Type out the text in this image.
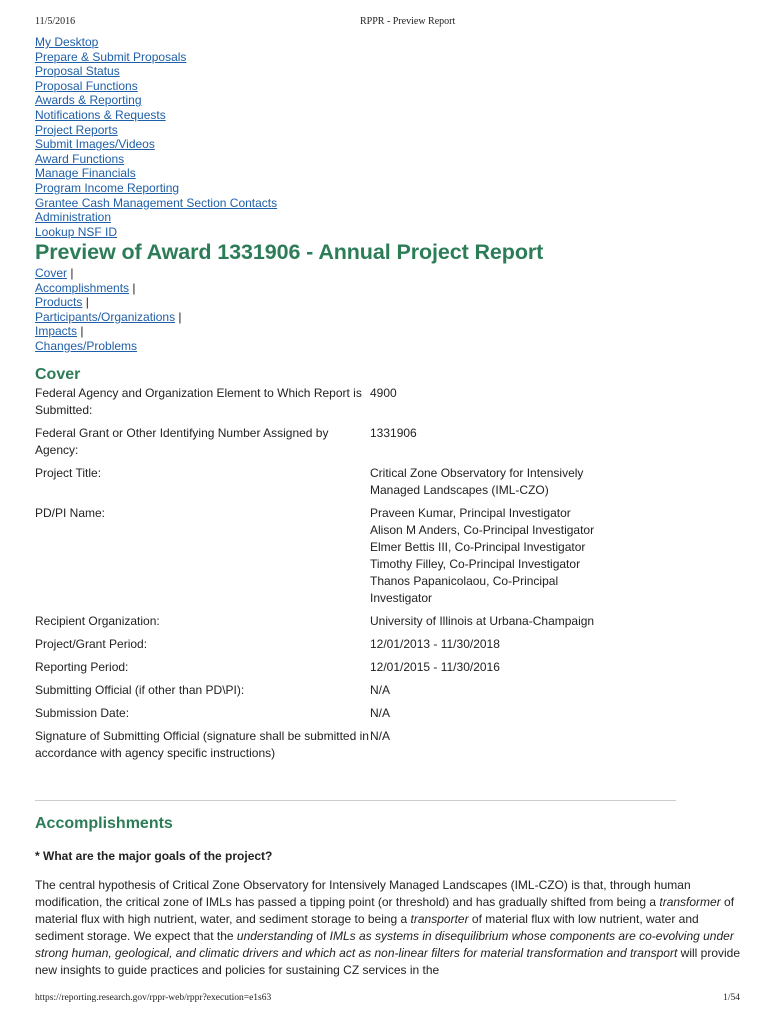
11/5/2016	RPPR - Preview Report
My Desktop
Prepare & Submit Proposals
Proposal Status
Proposal Functions
Awards & Reporting
Notifications & Requests
Project Reports
Submit Images/Videos
Award Functions
Manage Financials
Program Income Reporting
Grantee Cash Management Section Contacts
Administration
Lookup NSF ID
Preview of Award 1331906 - Annual Project Report
Cover |
Accomplishments |
Products |
Participants/Organizations |
Impacts |
Changes/Problems
Cover
Federal Agency and Organization Element to Which Report is Submitted:
4900
Federal Grant or Other Identifying Number Assigned by Agency:
1331906
Project Title:	Critical Zone Observatory for Intensively Managed Landscapes (IML-CZO)
PD/PI Name:	Praveen Kumar, Principal Investigator
Alison M Anders, Co-Principal Investigator
Elmer Bettis III, Co-Principal Investigator
Timothy Filley, Co-Principal Investigator
Thanos Papanicolaou, Co-Principal Investigator
Recipient Organization:	University of Illinois at Urbana-Champaign
Project/Grant Period:	12/01/2013 - 11/30/2018
Reporting Period:	12/01/2015 - 11/30/2016
Submitting Official (if other than PD\PI):	N/A
Submission Date:	N/A
Signature of Submitting Official (signature shall be submitted in accordance with agency specific instructions)
N/A
Accomplishments
* What are the major goals of the project?

The central hypothesis of Critical Zone Observatory for Intensively Managed Landscapes (IML-CZO) is that, through human modification, the critical zone of IMLs has passed a tipping point (or threshold) and has gradually shifted from being a transformer of material flux with high nutrient, water, and sediment storage to being a transporter of material flux with low nutrient, water and sediment storage. We expect that the understanding of IMLs as systems in disequilibrium whose components are co-evolving under strong human, geological, and climatic drivers and which act as non-linear filters for material transformation and transport will provide new insights to guide practices and policies for sustaining CZ services in the

https://reporting.research.gov/rppr-web/rppr?execution=e1s63	1/54
